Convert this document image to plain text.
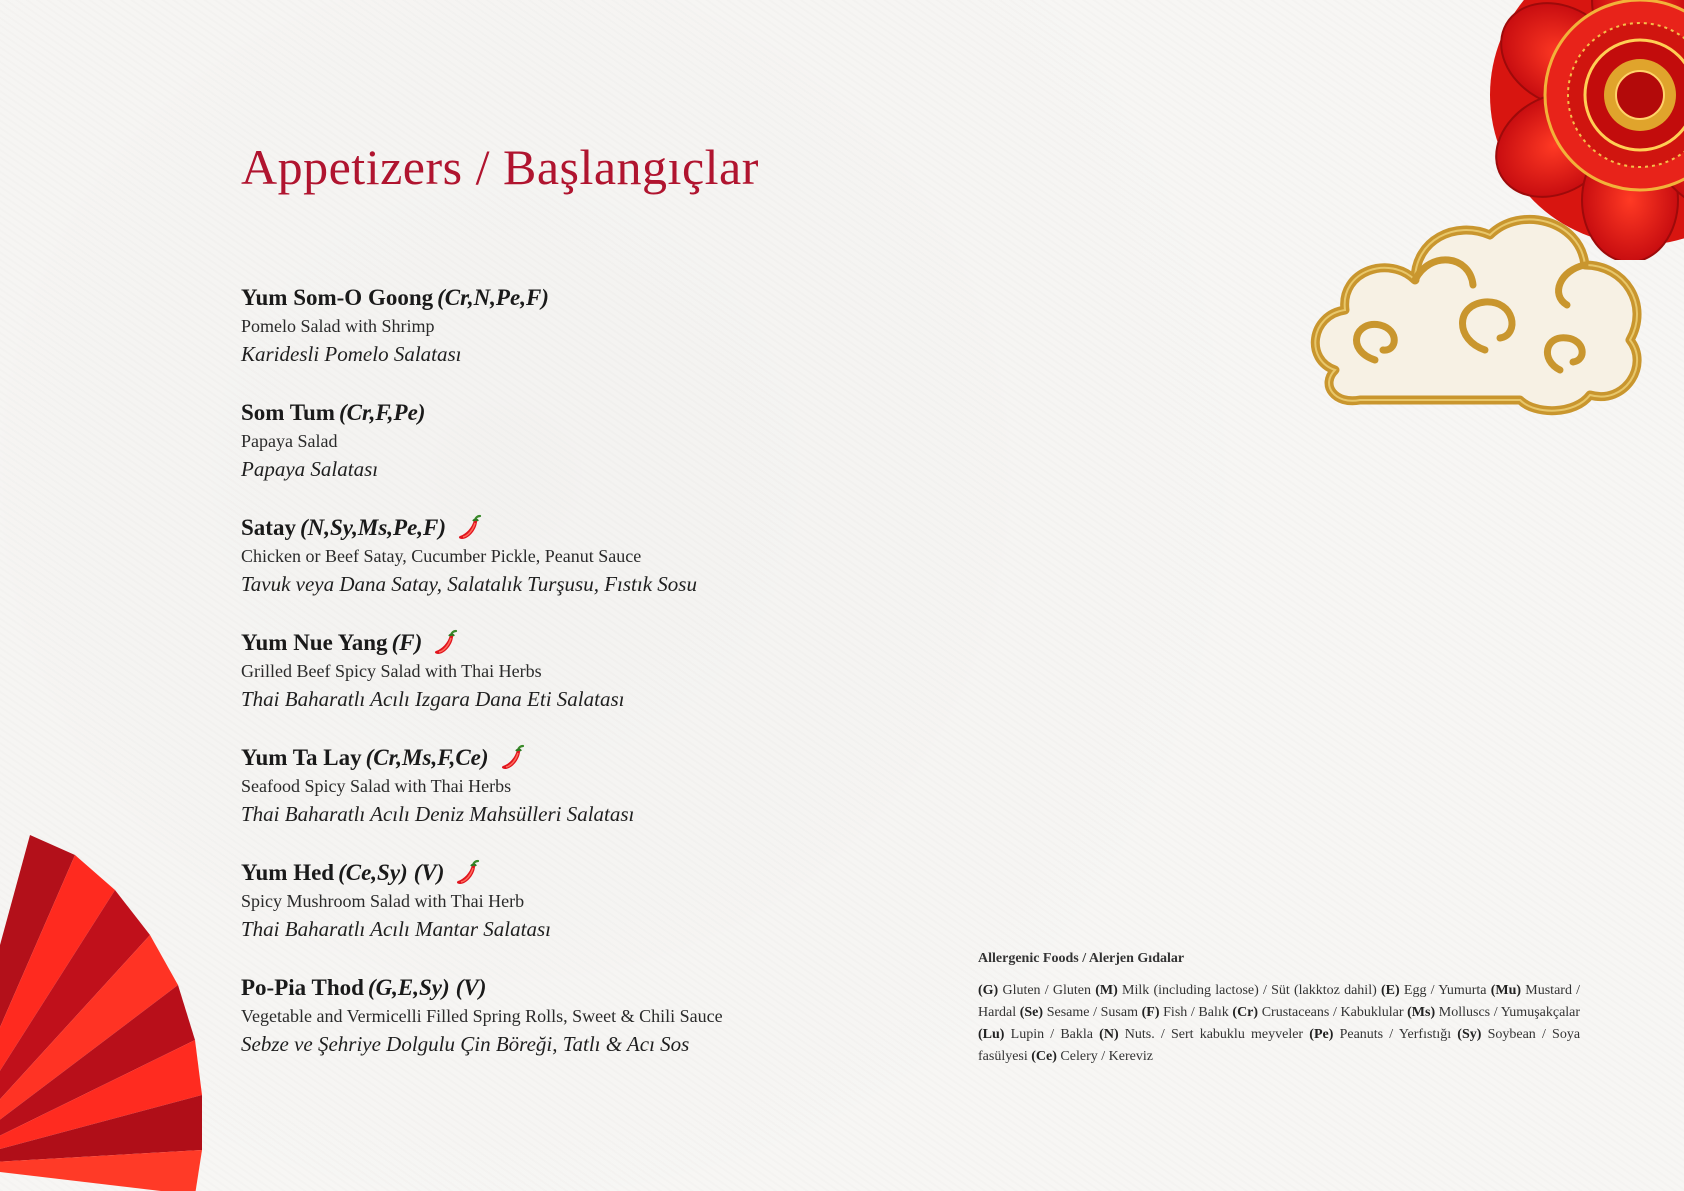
Appetizers / Başlangıçlar
Yum Som-O Goong (Cr,N,Pe,F)
Pomelo Salad with Shrimp
Karidesli Pomelo Salatası
Som Tum (Cr,F,Pe)
Papaya Salad
Papaya Salatası
Satay (N,Sy,Ms,Pe,F)
Chicken or Beef Satay, Cucumber Pickle, Peanut Sauce
Tavuk veya Dana Satay, Salatalık Turşusu, Fıstık Sosu
Yum Nue Yang (F)
Grilled Beef Spicy Salad with Thai Herbs
Thai Baharatlı Acılı Izgara Dana Eti Salatası
Yum Ta Lay (Cr,Ms,F,Ce)
Seafood Spicy Salad with Thai Herbs
Thai Baharatlı Acılı Deniz Mahsülleri Salatası
Yum Hed (Ce,Sy) (V)
Spicy Mushroom Salad with Thai Herb
Thai Baharatlı Acılı Mantar Salatası
Po-Pia Thod (G,E,Sy) (V)
Vegetable and Vermicelli Filled Spring Rolls, Sweet & Chili Sauce
Sebze ve Şehriye Dolgulu Çin Böreği, Tatlı & Acı Sos
Allergenic Foods / Alerjen Gıdalar
(G) Gluten / Gluten (M) Milk (including lactose) / Süt (lakktoz dahil) (E) Egg / Yumurta (Mu) Mustard / Hardal (Se) Sesame / Susam (F) Fish / Balık (Cr) Crustaceans / Kabuklular (Ms) Molluscs / Yumuşakçalar (Lu) Lupin / Bakla (N) Nuts. / Sert kabuklu meyveler (Pe) Peanuts / Yerfıstığı (Sy) Soybean / Soya fasülyesi (Ce) Celery / Kereviz
